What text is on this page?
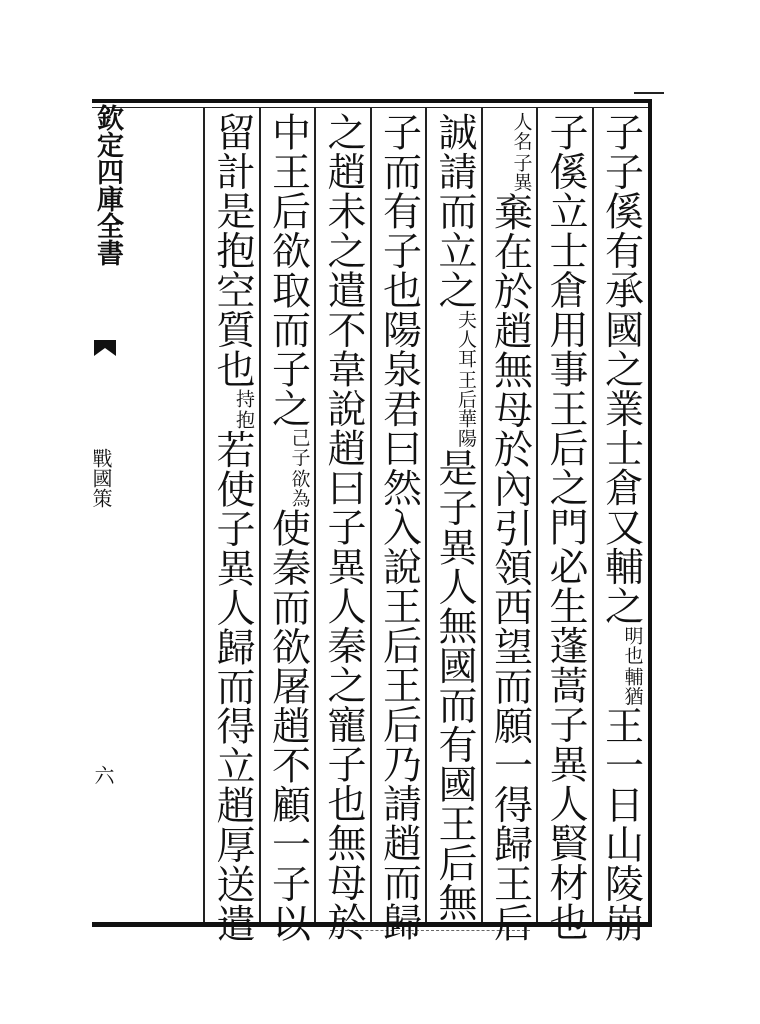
欽定四庫全書
戰國策
六
子子傒有承國之業士倉又輔之
輔猶
明也
王一日山陵崩
子傒立士倉用事王后之門必生蓬蒿子異人賢材也
子異
人名
棄在於趙無母於內引領西望而願一得歸王后
誠請而立之
王后華陽
夫人耳
是子異人無國而有國王后無
子而有子也陽泉君曰然入說王后王后乃請趙而歸
之趙未之遣不韋說趙曰子異人秦之寵子也無母於
中王后欲取而子之
欲為
己子
使秦而欲屠趙不顧一子以
留計是抱空質也
抱
持
若使子異人歸而得立趙厚送遣
